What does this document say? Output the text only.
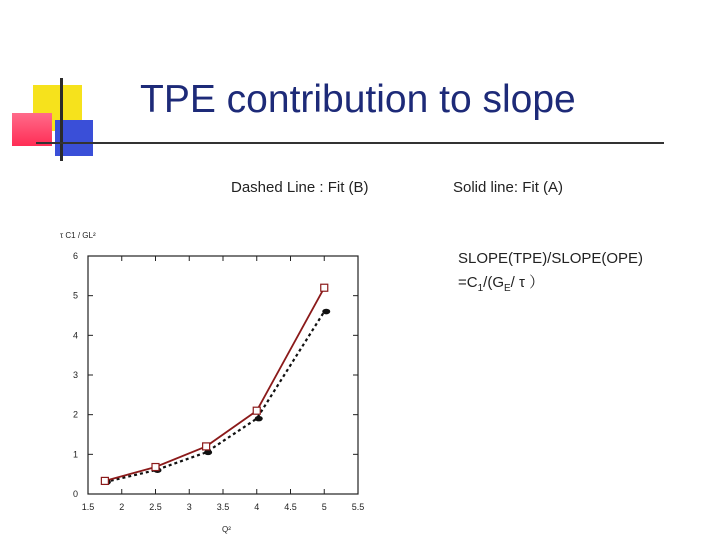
TPE contribution to slope
Dashed Line : Fit (B)	Solid line: Fit (A)
SLOPE(TPE)/SLOPE(OPE)
$=C_1/(G_E/$ τ ）
1.5	2	2.5	3	3.5	4	4.5	5	5.5
0
1
2
3
4
5
6
τ C1 / GL²
Q²
